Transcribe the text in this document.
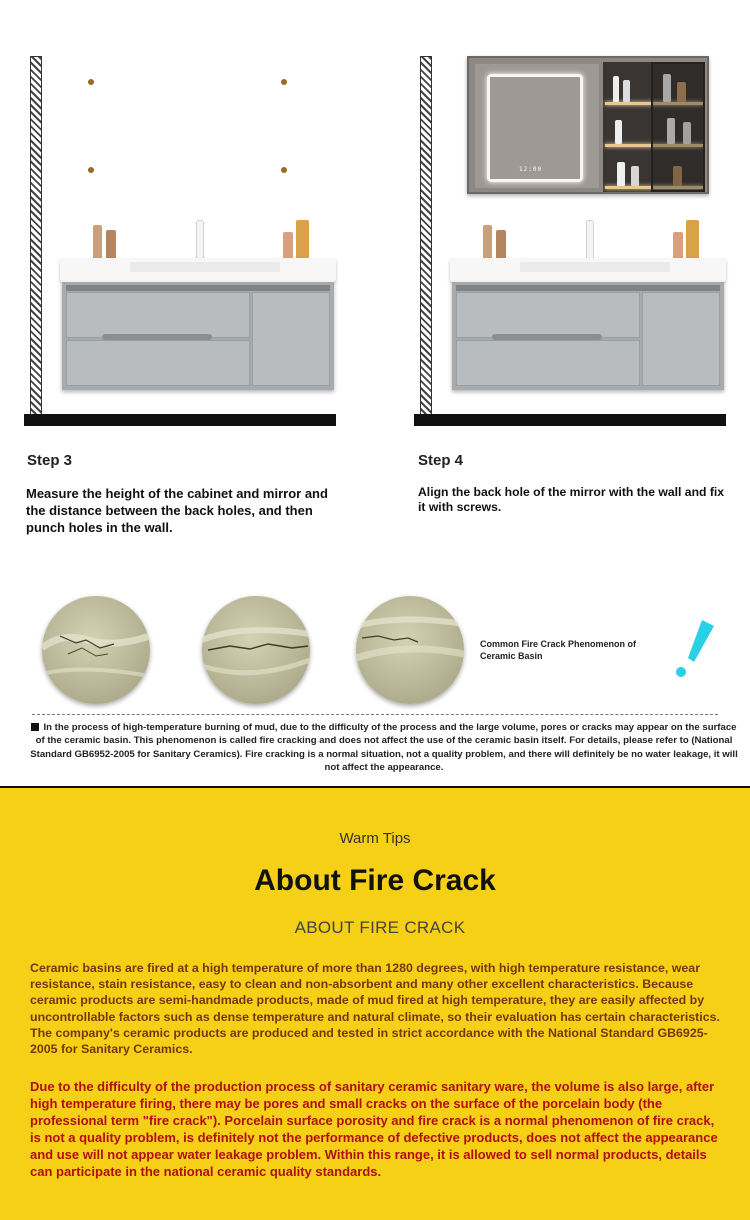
12:00
Step 3
Measure the height of the cabinet and mirror and the distance between the back holes, and then punch holes in the wall.
Step 4
Align the back hole of the mirror with the wall and fix it with screws.
Common Fire Crack Phenomenon of Ceramic Basin

In the process of high-temperature burning of mud, due to the difficulty of the process and the large volume, pores or cracks may appear on the surface of the ceramic basin. This phenomenon is called fire cracking and does not affect the use of the ceramic basin itself. For details, please refer to (National Standard GB6952-2005 for Sanitary Ceramics). Fire cracking is a normal situation, not a quality problem, and there will definitely be no water leakage, it will not affect the appearance.

Warm Tips
About Fire Crack
ABOUT FIRE CRACK

Ceramic basins are fired at a high temperature of more than 1280 degrees, with high temperature resistance, wear resistance, stain resistance, easy to clean and non-absorbent and many other excellent characteristics. Because ceramic products are semi-handmade products, made of mud fired at high temperature, they are easily affected by uncontrollable factors such as dense temperature and natural climate, so their evaluation has certain characteristics. The company's ceramic products are produced and tested in strict accordance with the National Standard GB6925-2005 for Sanitary Ceramics.

Due to the difficulty of the production process of sanitary ceramic sanitary ware, the volume is also large, after high temperature firing, there may be pores and small cracks on the surface of the porcelain body (the professional term "fire crack"). Porcelain surface porosity and fire crack is a normal phenomenon of fire crack, is not a quality problem, is definitely not the performance of defective products, does not affect the appearance and use will not appear water leakage problem. Within this range, it is allowed to sell normal products, details can participate in the national ceramic quality standards.
